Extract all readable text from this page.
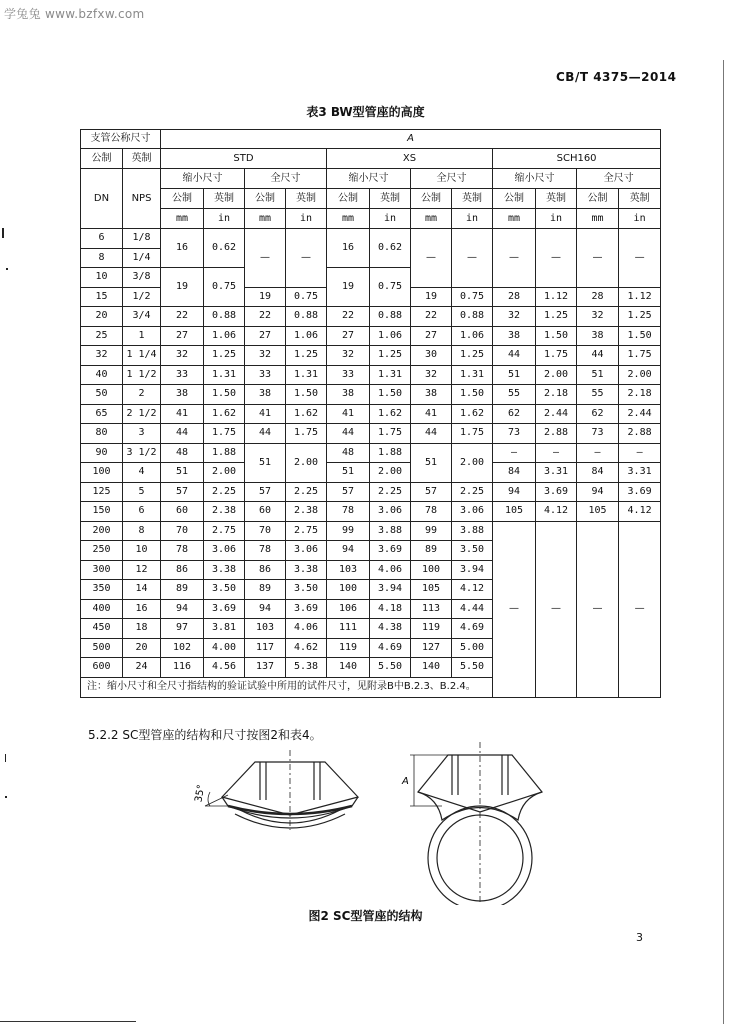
学兔兔 www.bzfxw.com
CB/T 4375—2014
表3 BW型管座的高度
支管公称尺寸		A											
公制	英制	STD				XS				SCH160			
DN	NPS	缩小尺寸		全尺寸		缩小尺寸		全尺寸		缩小尺寸		全尺寸	
		公制	英制	公制	英制	公制	英制	公制	英制	公制	英制	公制	英制
		mm	in	mm	in	mm	in	mm	in	mm	in	mm	in
6	1/8	16	0.62	—	—	16	0.62	—	—	—	—	—	—
8	1/4												
10	3/8	19	0.75			19	0.75						
15	1/2			19	0.75			19	0.75	28	1.12	28	1.12
20	3/4	22	0.88	22	0.88	22	0.88	22	0.88	32	1.25	32	1.25
25	1	27	1.06	27	1.06	27	1.06	27	1.06	38	1.50	38	1.50
32	1 1/4	32	1.25	32	1.25	32	1.25	30	1.25	44	1.75	44	1.75
40	1 1/2	33	1.31	33	1.31	33	1.31	32	1.31	51	2.00	51	2.00
50	2	38	1.50	38	1.50	38	1.50	38	1.50	55	2.18	55	2.18
65	2 1/2	41	1.62	41	1.62	41	1.62	41	1.62	62	2.44	62	2.44
80	3	44	1.75	44	1.75	44	1.75	44	1.75	73	2.88	73	2.88
90	3 1/2	48	1.88	51	2.00	48	1.88	51	2.00	—	—	—	—
100	4	51	2.00			51	2.00			84	3.31	84	3.31
125	5	57	2.25	57	2.25	57	2.25	57	2.25	94	3.69	94	3.69
150	6	60	2.38	60	2.38	78	3.06	78	3.06	105	4.12	105	4.12
200	8	70	2.75	70	2.75	99	3.88	99	3.88	—	—	—	—
250	10	78	3.06	78	3.06	94	3.69	89	3.50				
300	12	86	3.38	86	3.38	103	4.06	100	3.94				
350	14	89	3.50	89	3.50	100	3.94	105	4.12				
400	16	94	3.69	94	3.69	106	4.18	113	4.44				
450	18	97	3.81	103	4.06	111	4.38	119	4.69				
500	20	102	4.00	117	4.62	119	4.69	127	5.00				
600	24	116	4.56	137	5.38	140	5.50	140	5.50				
注：缩小尺寸和全尺寸指结构的验证试验中所用的试件尺寸，见附录B中B.2.3、B.2.4。													
5.2.2 SC型管座的结构和尺寸按图2和表4。
35°
A
图2 SC型管座的结构
3
